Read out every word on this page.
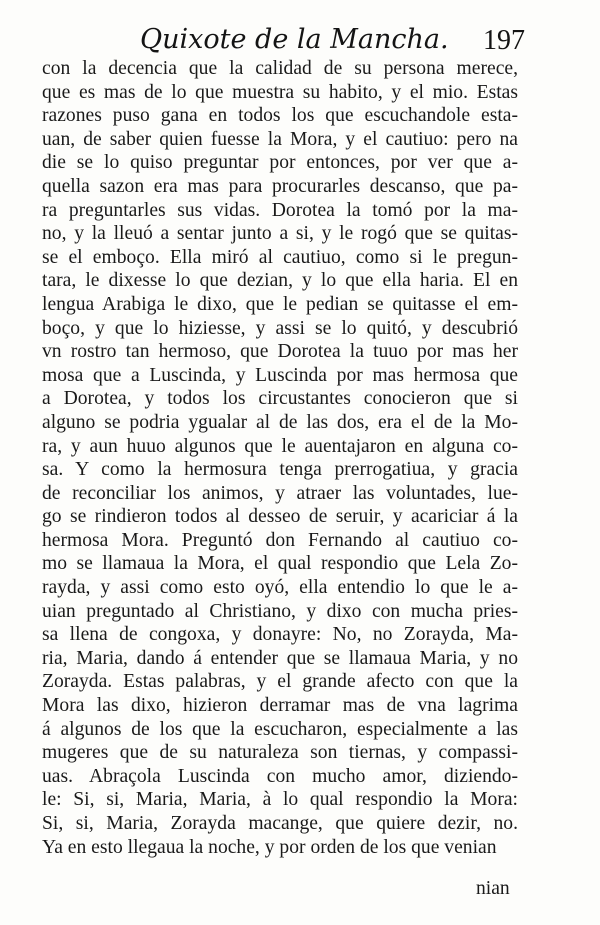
Quixote de la Mancha. 197
con la decencia que la calidad de su persona merece,
que es mas de lo que muestra su habito, y el mio. Estas
razones puso gana en todos los que escuchandole esta-
uan, de saber quien fuesse la Mora, y el cautiuo: pero na
die se lo quiso preguntar por entonces, por ver que a-
quella sazon era mas para procurarles descanso, que pa-
ra preguntarles sus vidas. Dorotea la tomó por la ma-
no, y la lleuó a sentar junto a si, y le rogó que se quitas-
se el emboço. Ella miró al cautiuo, como si le pregun-
tara, le dixesse lo que dezian, y lo que ella haria. El en
lengua Arabiga le dixo, que le pedian se quitasse el em-
boço, y que lo hiziesse, y assi se lo quitó, y descubrió
vn rostro tan hermoso, que Dorotea la tuuo por mas her
mosa que a Luscinda, y Luscinda por mas hermosa que
a Dorotea, y todos los circustantes conocieron que si
alguno se podria ygualar al de las dos, era el de la Mo-
ra, y aun huuo algunos que le auentajaron en alguna co-
sa. Y como la hermosura tenga prerrogatiua, y gracia
de reconciliar los animos, y atraer las voluntades, lue-
go se rindieron todos al desseo de seruir, y acariciar á la
hermosa Mora. Preguntó don Fernando al cautiuo co-
mo se llamaua la Mora, el qual respondio que Lela Zo-
rayda, y assi como esto oyó, ella entendio lo que le a-
uian preguntado al Christiano, y dixo con mucha pries-
sa llena de congoxa, y donayre: No, no Zorayda, Ma-
ria, Maria, dando á entender que se llamaua Maria, y no
Zorayda. Estas palabras, y el grande afecto con que la
Mora las dixo, hizieron derramar mas de vna lagrima
á algunos de los que la escucharon, especialmente a las
mugeres que de su naturaleza son tiernas, y compassi-
uas. Abraçola Luscinda con mucho amor, diziendo-
le: Si, si, Maria, Maria, à lo qual respondio la Mora:
Si, si, Maria, Zorayda macange, que quiere dezir, no.
Ya en esto llegaua la noche, y por orden de los que venian
nian
